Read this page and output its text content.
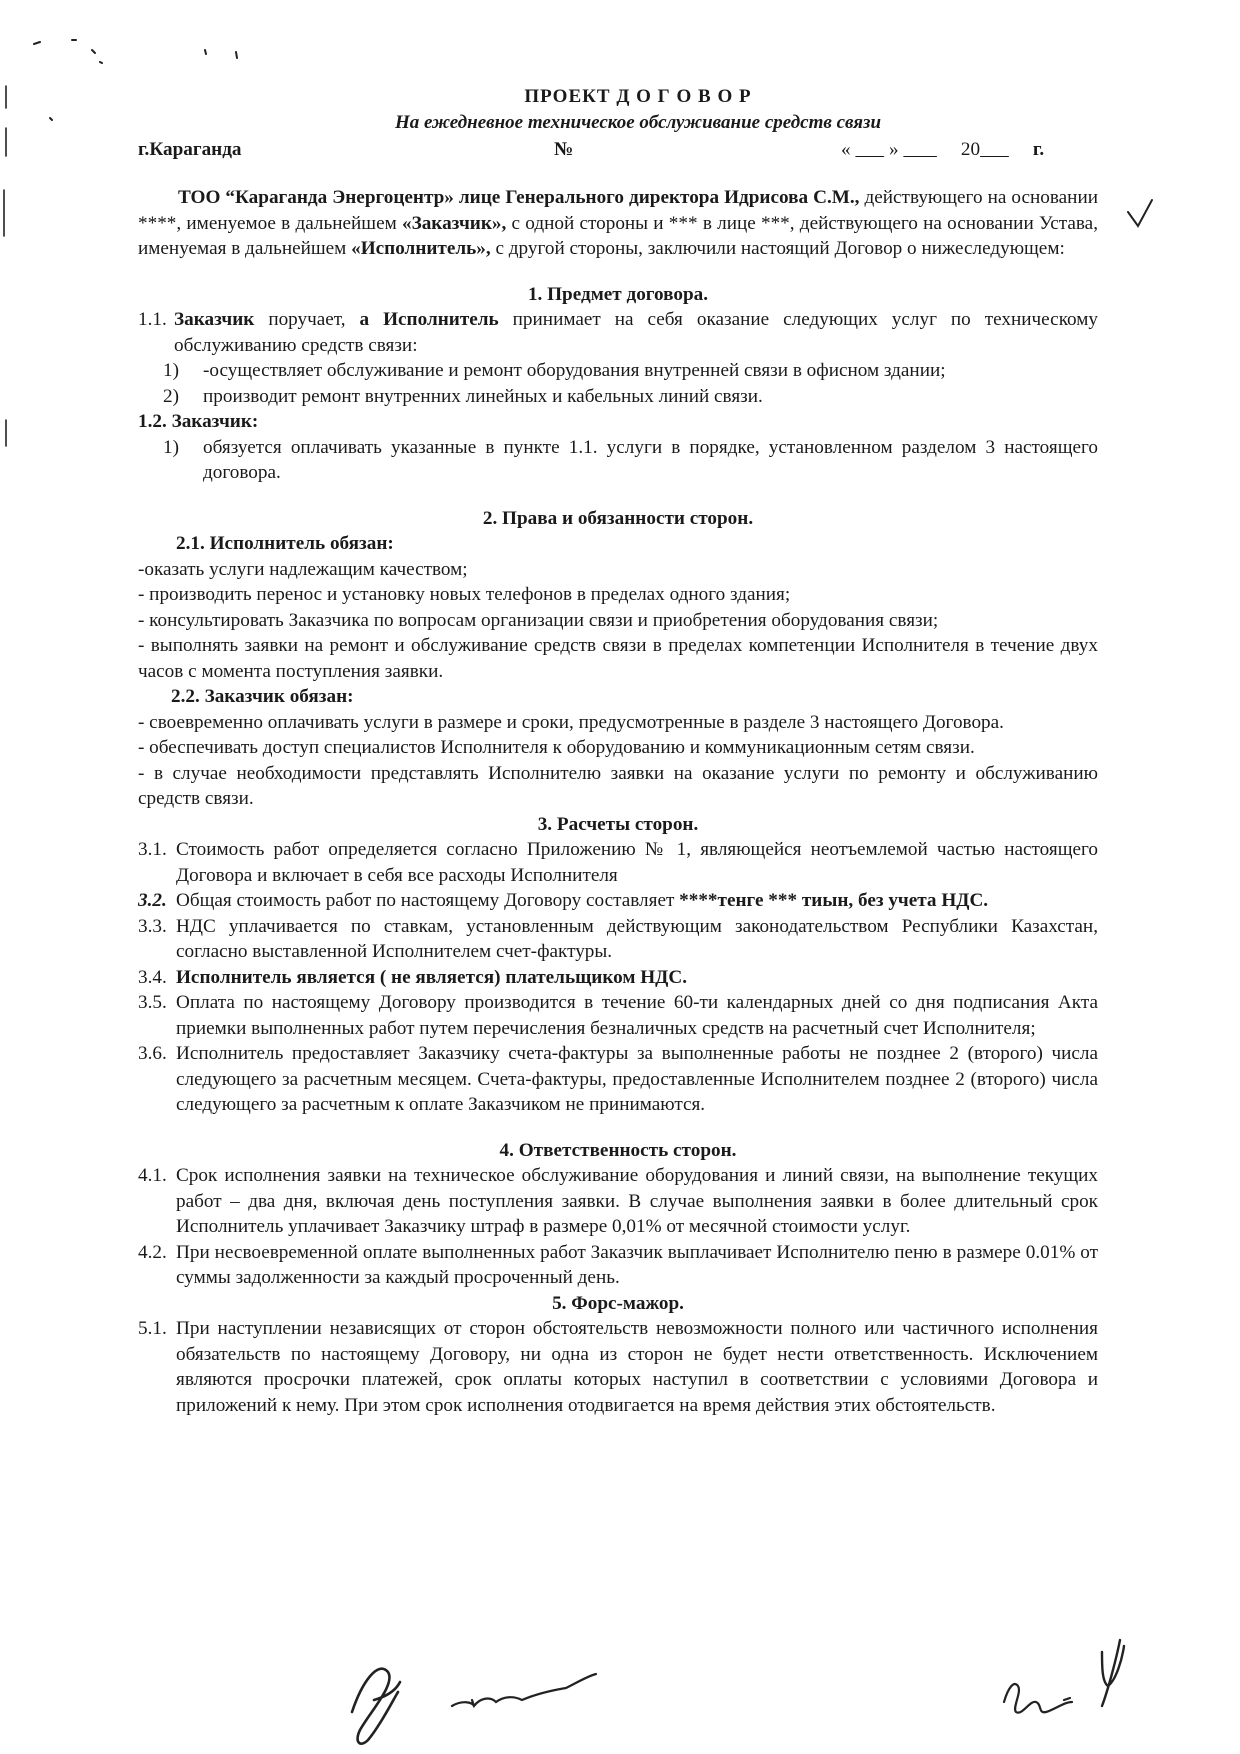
ПРОЕКТ Д О Г О В О Р
На ежедневное техническое обслуживание средств связи
г.Караганда	№	« »	20	г.
ТОО “Караганда Энергоцентр» лице Генерального директора Идрисова С.М., действующего на основании ****, именуемое в дальнейшем «Заказчик», с одной стороны и *** в лице ***, действующего на основании Устава, именуемая в дальнейшем «Исполнитель», с другой стороны, заключили настоящий Договор о нижеследующем:
1. Предмет договора.
1.1. Заказчик поручает, а Исполнитель принимает на себя оказание следующих услуг по техническому обслуживанию средств связи:
1)	-осуществляет обслуживание и ремонт оборудования внутренней связи в офисном здании;
2)	производит ремонт внутренних линейных и кабельных линий связи.
1.2. Заказчик:
1)	обязуется оплачивать указанные в пункте 1.1. услуги в порядке, установленном разделом 3 настоящего договора.
2. Права и обязанности сторон.
2.1. Исполнитель обязан:
-оказать услуги надлежащим качеством;
- производить перенос и установку новых телефонов в пределах одного здания;
- консультировать Заказчика по вопросам организации связи и приобретения оборудования связи;
- выполнять заявки на ремонт и обслуживание средств связи в пределах компетенции Исполнителя в течение двух часов с момента поступления заявки.
2.2. Заказчик обязан:
- своевременно оплачивать услуги в размере и сроки, предусмотренные в разделе 3 настоящего Договора.
- обеспечивать доступ специалистов Исполнителя к оборудованию и коммуникационным сетям связи.
- в случае необходимости представлять Исполнителю заявки на оказание услуги по ремонту и обслуживанию средств связи.
3. Расчеты сторон.
3.1. Стоимость работ определяется согласно Приложению № 1, являющейся неотъемлемой частью настоящего Договора и включает в себя все расходы Исполнителя
3.2. Общая стоимость работ по настоящему Договору составляет ****тенге *** тиын, без учета НДС.
3.3. НДС уплачивается по ставкам, установленным действующим законодательством Республики Казахстан, согласно выставленной Исполнителем счет-фактуры.
3.4. Исполнитель является ( не является) плательщиком НДС.
3.5. Оплата по настоящему Договору производится в течение 60-ти календарных дней со дня подписания Акта приемки выполненных работ путем перечисления безналичных средств на расчетный счет Исполнителя;
3.6. Исполнитель предоставляет Заказчику счета-фактуры за выполненные работы не позднее 2 (второго) числа следующего за расчетным месяцем. Счета-фактуры, предоставленные Исполнителем позднее 2 (второго) числа следующего за расчетным к оплате Заказчиком не принимаются.
4. Ответственность сторон.
4.1. Срок исполнения заявки на техническое обслуживание оборудования и линий связи, на выполнение текущих работ – два дня, включая день поступления заявки. В случае выполнения заявки в более длительный срок Исполнитель уплачивает Заказчику штраф в размере 0,01% от месячной стоимости услуг.
4.2. При несвоевременной оплате выполненных работ Заказчик выплачивает Исполнителю пеню в размере 0.01% от суммы задолженности за каждый просроченный день.
5. Форс-мажор.
5.1. При наступлении независящих от сторон обстоятельств невозможности полного или частичного исполнения обязательств по настоящему Договору, ни одна из сторон не будет нести ответственность. Исключением являются просрочки платежей, срок оплаты которых наступил в соответствии с условиями Договора и приложений к нему. При этом срок исполнения отодвигается на время действия этих обстоятельств.
